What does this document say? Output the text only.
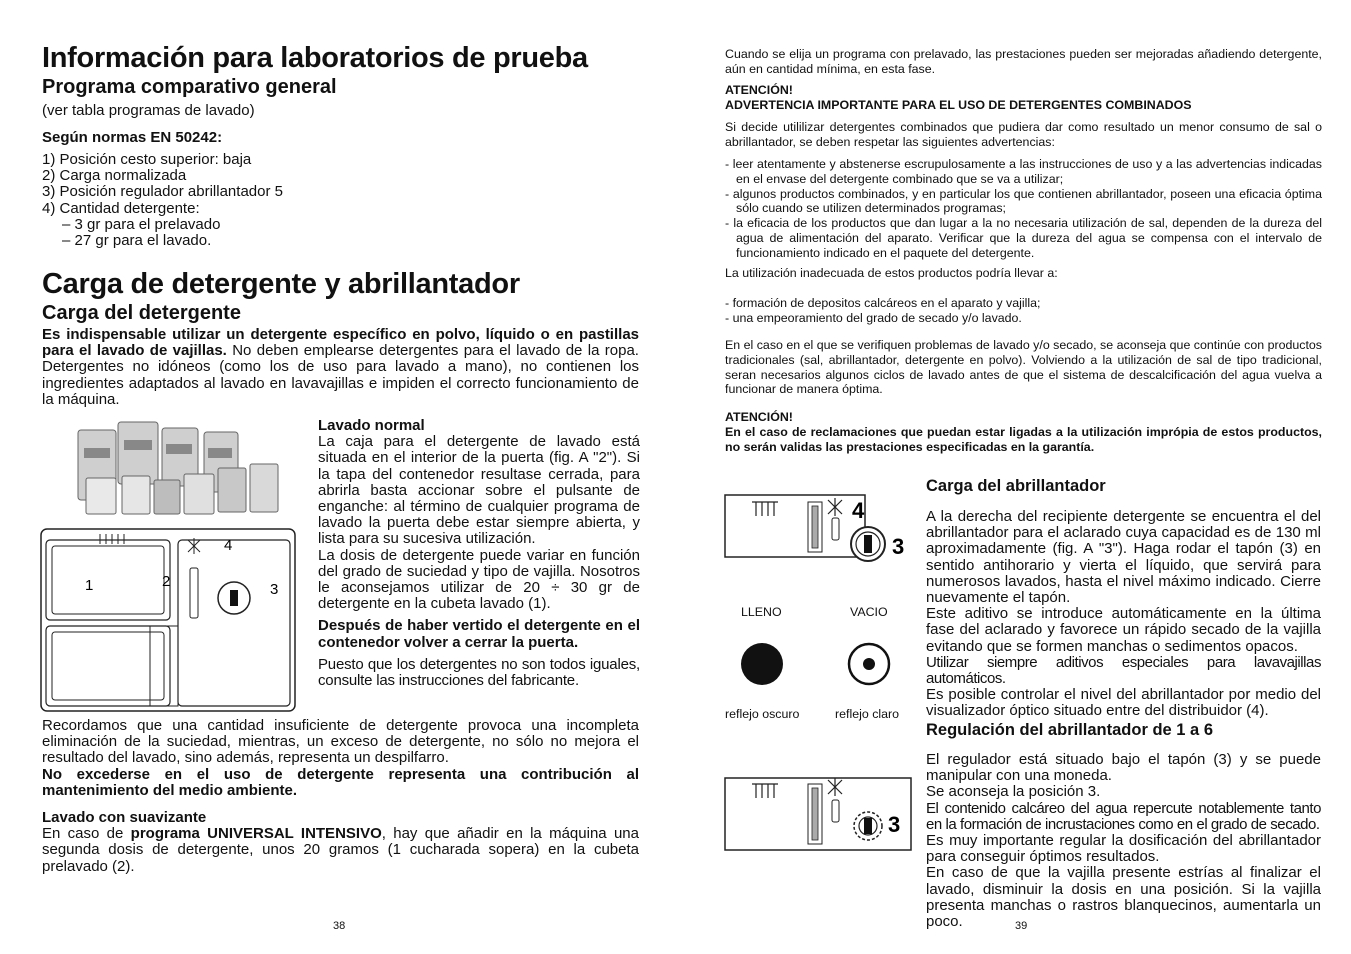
Información para laboratorios de prueba
Programa comparativo general
(ver tabla programas de lavado)
Según normas EN 50242:
1) Posición cesto superior: baja
2) Carga normalizada
3) Posición regulador abrillantador 5
4) Cantidad detergente:
– 3 gr para el prelavado
– 27 gr para el lavado.
Carga de detergente y abrillantador
Carga del detergente

Es indispensable utilizar un detergente específico en polvo, líquido o en pastillas para el lavado de vajillas. No deben emplearse detergentes para el lavado de la ropa. Detergentes no idóneos (como los de uso para lavado a mano), no contienen los ingredientes adaptados al lavado en lavavajillas e impiden el correcto funcionamiento de la máquina.

1	2
4
3
Lavado normal
La caja para el detergente de lavado está situada en el interior de la puerta (fig. A "2"). Si la tapa del contenedor resultase cerrada, para abrirla basta accionar sobre el pulsante de enganche: al término de cualquier programa de lavado la puerta debe estar siempre abierta, y lista para su sucesiva utilización.
La dosis de detergente puede variar en función del grado de suciedad y tipo de vajilla. Nosotros le aconsejamos utilizar de 20 ÷ 30 gr de detergente en la cubeta lavado (1).
Después de haber vertido el detergente en el contenedor volver a cerrar la puerta.
Puesto que los detergentes no son todos iguales, consulte las instrucciones del fabricante.
Recordamos que una cantidad insuficiente de detergente provoca una incompleta eliminación de la suciedad, mientras, un exceso de detergente, no sólo no mejora el resultado del lavado, sino además, representa un despilfarro.
No excederse en el uso de detergente representa una contribución al mantenimiento del medio ambiente.
Lavado con suavizante
En caso de programa UNIVERSAL INTENSIVO, hay que añadir en la máquina una segunda dosis de detergente, unos 20 gramos (1 cucharada sopera) en la cubeta prelavado (2).
38
Cuando se elija un programa con prelavado, las prestaciones pueden ser mejoradas añadiendo detergente, aún en cantidad mínima, en esta fase.
ATENCIÓN!
ADVERTENCIA IMPORTANTE PARA EL USO DE DETERGENTES COMBINADOS
Si decide utililizar detergentes combinados que pudiera dar como resultado un menor consumo de sal o abrillantador, se deben respetar las siguientes advertencias:

- leer atentamente y abstenerse escrupulosamente a las instrucciones de uso y a las advertencias indicadas en el envase del detergente combinado que se va a utilizar;

- algunos productos combinados, y en particular los que contienen abrillantador, poseen una eficacia óptima sólo cuando se utilizen determinados programas;

- la eficacia de los productos que dan lugar a la no necesaria utilización de sal, dependen de la dureza del agua de alimentación del aparato. Verificar que la dureza del agua se compensa con el intervalo de funcionamiento indicado en el paquete del detergente.

La utilización inadecuada de estos productos podría llevar a:

- formación de depositos calcáreos en el aparato y vajilla;

- una empeoramiento del grado de secado y/o lavado.

En el caso en el que se verifiquen problemas de lavado y/o secado, se aconseja que continúe con productos tradicionales (sal, abrillantador, detergente en polvo). Volviendo a la utilización de sal de tipo tradicional, seran necesarios algunos ciclos de lavado antes de que el sistema de descalcificación del agua vuelva a funcionar de manera óptima.
ATENCIÓN!
En el caso de reclamaciones que puedan estar ligadas a la utilización imprópia de estos productos, no serán validas las prestaciones especificadas en la garantía.
4
3
LLENO	VACIO
reflejo oscuro	reflejo claro
3
Carga del abrillantador
A la derecha del recipiente detergente se encuentra el del abrillantador para el aclarado cuya capacidad es de 130 ml aproximadamente (fig. A "3"). Haga rodar el tapón (3) en sentido antihorario y vierta el líquido, que servirá para numerosos lavados, hasta el nivel máximo indicado. Cierre nuevamente el tapón.
Este aditivo se introduce automáticamente en la última fase del aclarado y favorece un rápido secado de la vajilla evitando que se formen manchas o sedimentos opacos.
Utilizar siempre aditivos especiales para lavavajillas automáticos.
Es posible controlar el nivel del abrillantador por medio del visualizador óptico situado entre del distribuidor (4).
Regulación del abrillantador de 1 a 6
El regulador está situado bajo el tapón (3) y se puede manipular con una moneda.
Se aconseja la posición 3.
El contenido calcáreo del agua repercute notablemente tanto en la formación de incrustaciones como en el grado de secado.
Es muy importante regular la dosificación del abrillantador para conseguir óptimos resultados.
En caso de que la vajilla presente estrías al finalizar el lavado, disminuir la dosis en una posición. Si la vajilla presenta manchas o rastros blanquecinos, aumentarla un poco.	39
